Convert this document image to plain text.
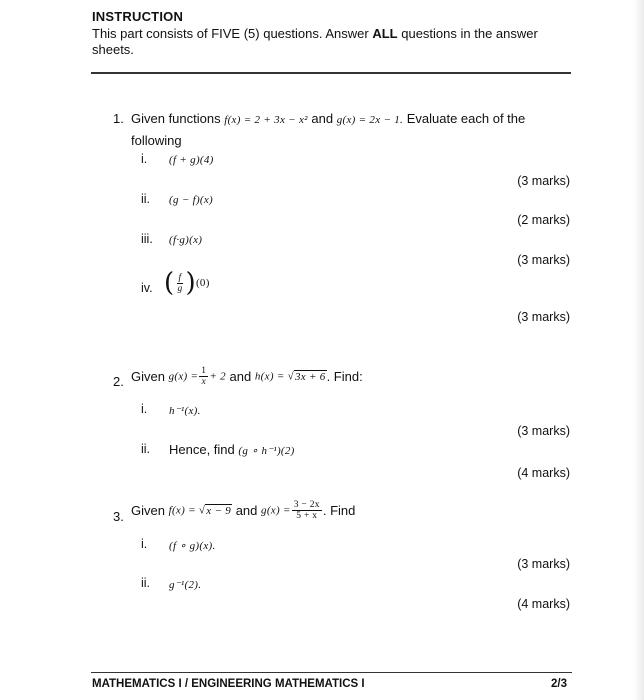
INSTRUCTION
This part consists of FIVE (5) questions. Answer ALL questions in the answer sheets.
1. Given functions f(x) = 2 + 3x − x² and g(x) = 2x − 1. Evaluate each of the
following
i. (f + g)(4)
(3 marks)
ii. (g − f)(x)
(2 marks)
iii. (f·g)(x)
(3 marks)
iv. ( $\frac{f}{g} )(0)$
(3 marks)
2. Given $g(x) = \frac{1}{x} + 2$ and h(x) = √3x + 6. Find:
i. h⁻¹(x).
(3 marks)
ii. Hence, find (g ∘ h⁻¹)(2)
(4 marks)
3. Given f(x) = √x − 9 and $g(x) = \frac{3 - 2x}{5 + x}$ . Find
i. (f ∘ g)(x).
(3 marks)
ii. g⁻¹(2).
(4 marks)
MATHEMATICS I / ENGINEERING MATHEMATICS I	2/3
